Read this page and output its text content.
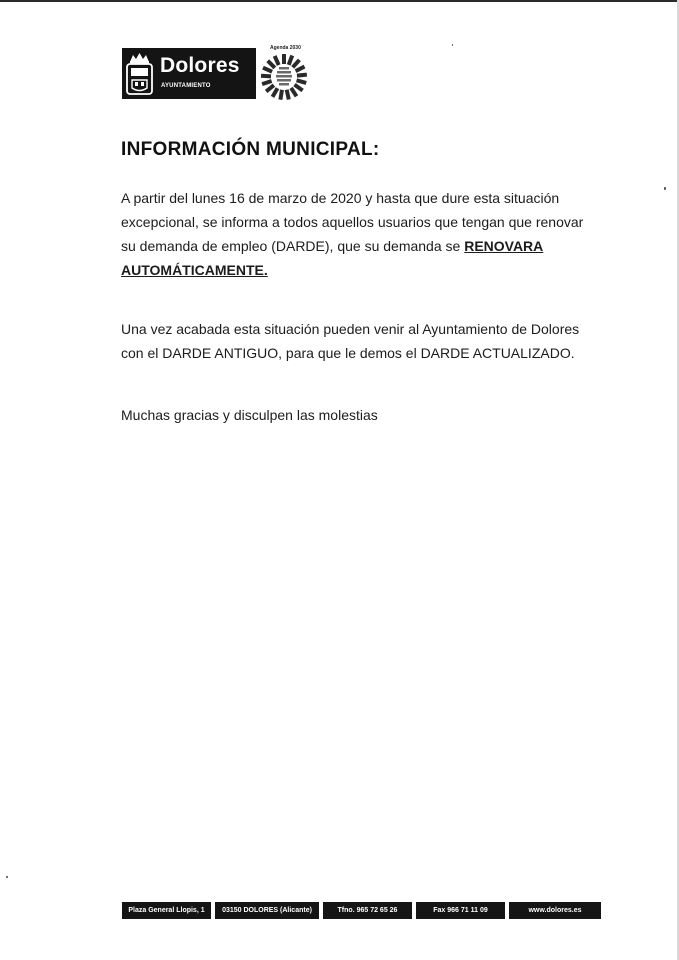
Dolores
AYUNTAMIENTO
Agenda 2030
INFORMACIÓN MUNICIPAL:
A partir del lunes 16 de marzo de 2020 y hasta que dure esta situación excepcional, se informa a todos aquellos usuarios que tengan que renovar su demanda de empleo (DARDE), que su demanda se RENOVARA AUTOMÁTICAMENTE.
Una vez acabada esta situación pueden venir al Ayuntamiento de Dolores con el DARDE ANTIGUO, para que le demos el DARDE ACTUALIZADO.
Muchas gracias y disculpen las molestias
Plaza General Llopis, 1	03150 DOLORES (Alicante)	Tfno. 965 72 65 26	Fax 966 71 11 09	www.dolores.es
